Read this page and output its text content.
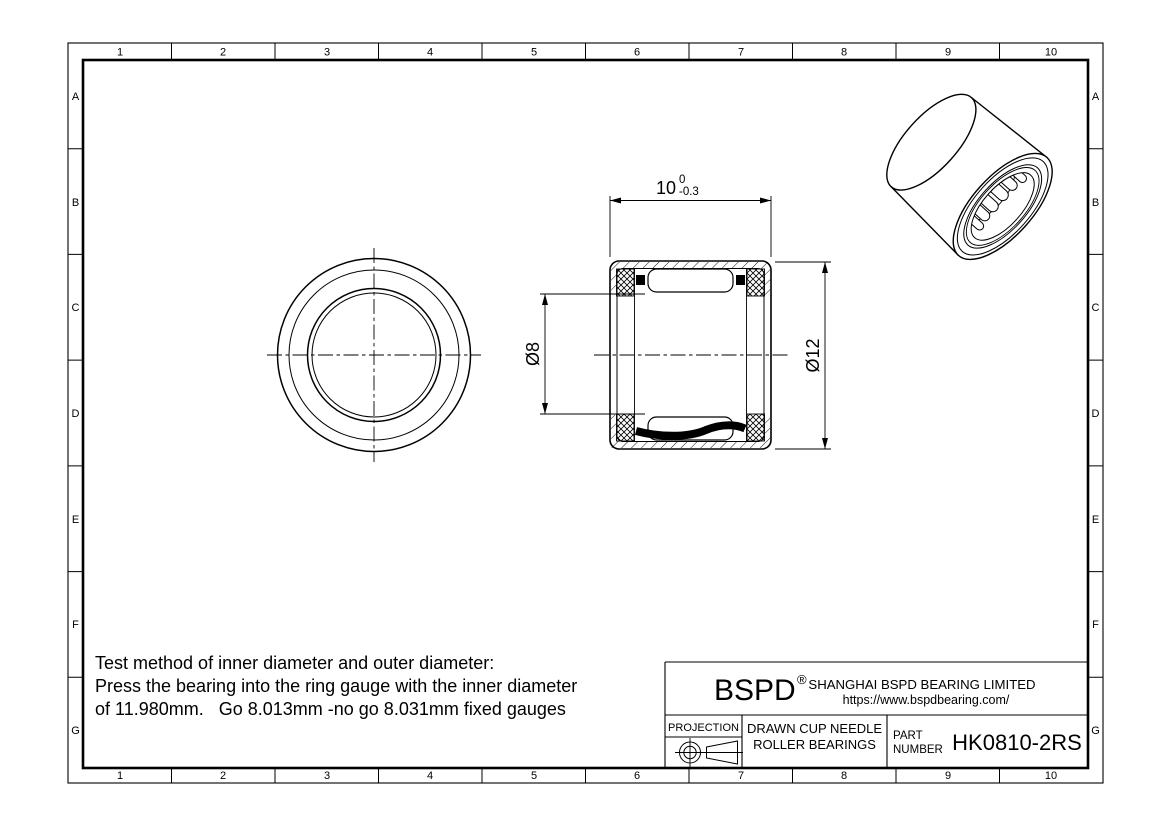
1	2	3	4	5	6	7	8	9	10
1	2	3	4	5	6	7	8	9	10
A
B
C
D
E
F
G
A
B
C
D
E
F
G
10 0
-0.3
Ø8	Ø12
Test method of inner diameter and outer diameter:
Press the bearing into the ring gauge with the inner diameter
of 11.980mm.   Go 8.013mm -no go 8.031mm fixed gauges
BSPD ® SHANGHAI BSPD BEARING LIMITED
https://www.bspdbearing.com/
PROJECTION DRAWN CUP NEEDLE
ROLLER BEARINGS
PART
NUMBER HK0810-2RS
